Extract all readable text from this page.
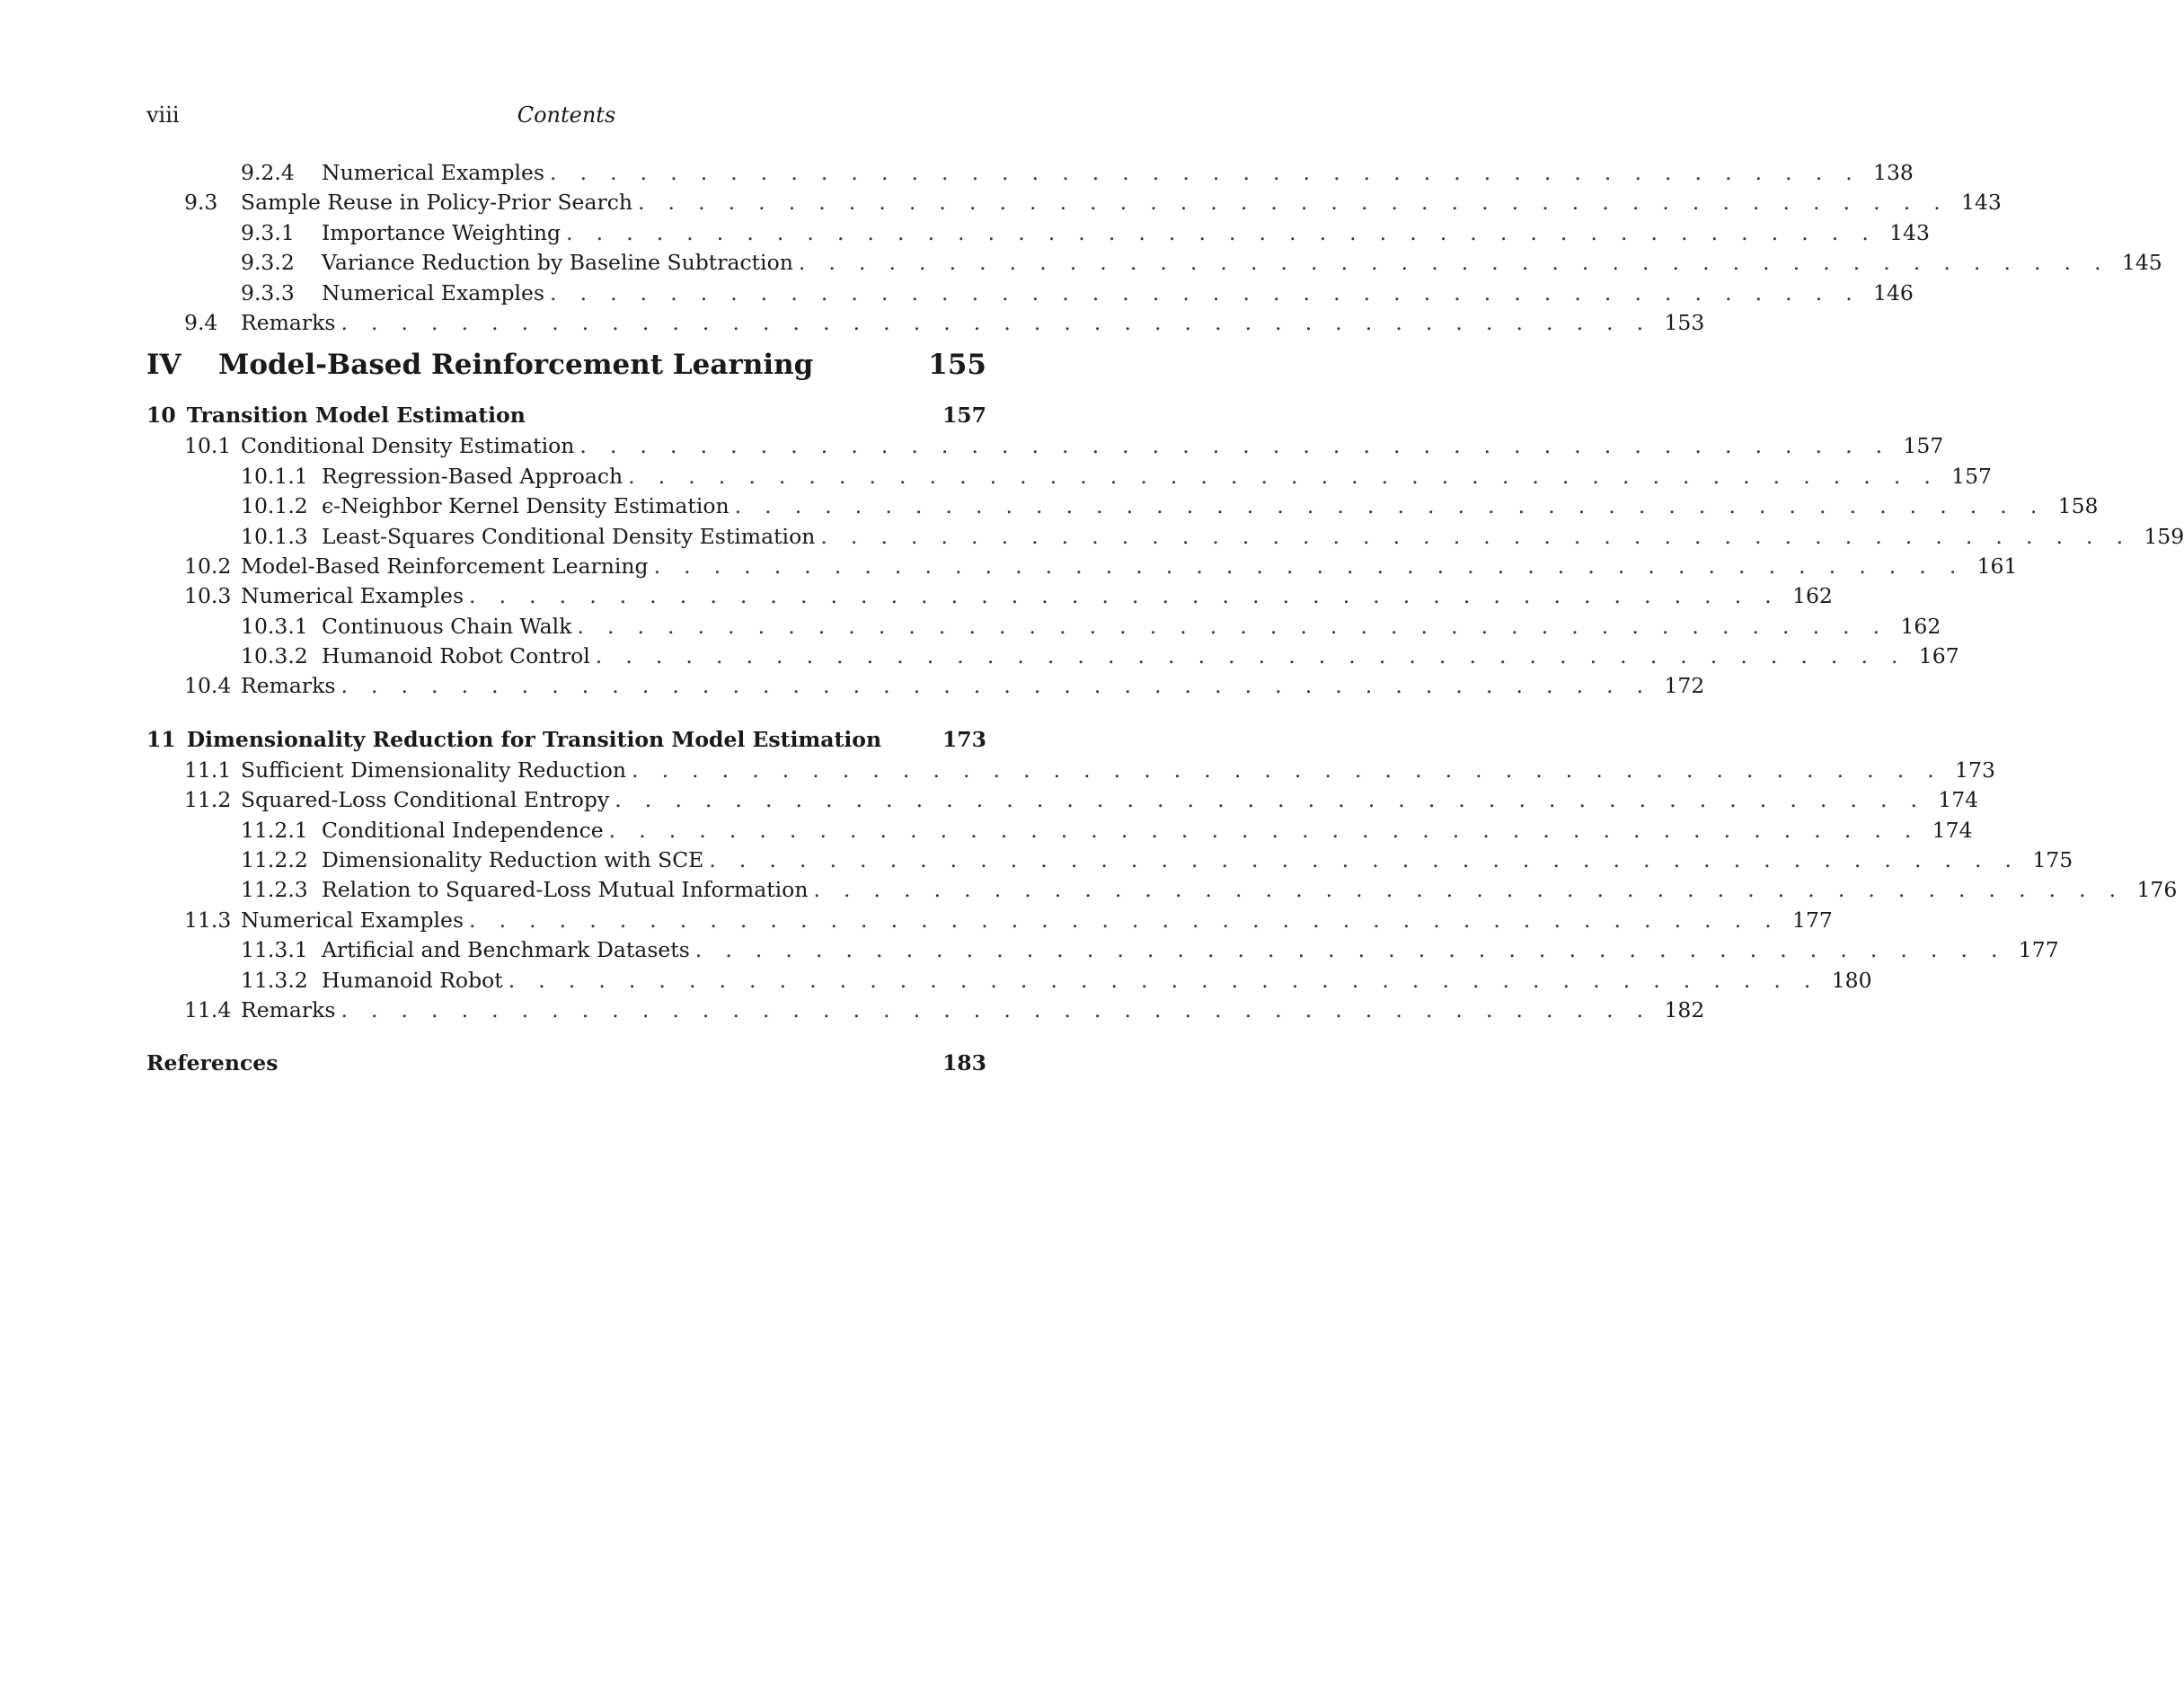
viii	Contents
9.2.4	Numerical Examples . . . . . . . . . . . . . . . . . . . . . . . . . . . . . . . . . . . . . . . . . . . . 138
9.3	Sample Reuse in Policy-Prior Search . . . . . . . . . . . . . . . . . . . . . . . . . . . . . . . . . . . . . . . . . . . . 143
9.3.1	Importance Weighting . . . . . . . . . . . . . . . . . . . . . . . . . . . . . . . . . . . . . . . . . . . . 143
9.3.2	Variance Reduction by Baseline Subtraction . . . . . . . . . . . . . . . . . . . . . . . . . . . . . . . . . . . . . . . . . . . . 145
9.3.3	Numerical Examples . . . . . . . . . . . . . . . . . . . . . . . . . . . . . . . . . . . . . . . . . . . . 146
9.4	Remarks . . . . . . . . . . . . . . . . . . . . . . . . . . . . . . . . . . . . . . . . . . . . 153
IV	Model-Based Reinforcement Learning	155
10 Transition Model Estimation	157
10.1 Conditional Density Estimation . . . . . . . . . . . . . . . . . . . . . . . . . . . . . . . . . . . . . . . . . . . . 157
10.1.1 Regression-Based Approach . . . . . . . . . . . . . . . . . . . . . . . . . . . . . . . . . . . . . . . . . . . . 157
10.1.2 ϵ-Neighbor Kernel Density Estimation . . . . . . . . . . . . . . . . . . . . . . . . . . . . . . . . . . . . . . . . . . . . 158
10.1.3 Least-Squares Conditional Density Estimation . . . . . . . . . . . . . . . . . . . . . . . . . . . . . . . . . . . . . . . . . . . . 159
10.2 Model-Based Reinforcement Learning . . . . . . . . . . . . . . . . . . . . . . . . . . . . . . . . . . . . . . . . . . . . 161
10.3 Numerical Examples . . . . . . . . . . . . . . . . . . . . . . . . . . . . . . . . . . . . . . . . . . . . 162
10.3.1 Continuous Chain Walk . . . . . . . . . . . . . . . . . . . . . . . . . . . . . . . . . . . . . . . . . . . . 162
10.3.2 Humanoid Robot Control . . . . . . . . . . . . . . . . . . . . . . . . . . . . . . . . . . . . . . . . . . . . 167
10.4 Remarks . . . . . . . . . . . . . . . . . . . . . . . . . . . . . . . . . . . . . . . . . . . . 172
11 Dimensionality Reduction for Transition Model Estimation	173
11.1 Sufficient Dimensionality Reduction . . . . . . . . . . . . . . . . . . . . . . . . . . . . . . . . . . . . . . . . . . . . 173
11.2 Squared-Loss Conditional Entropy . . . . . . . . . . . . . . . . . . . . . . . . . . . . . . . . . . . . . . . . . . . . 174
11.2.1 Conditional Independence . . . . . . . . . . . . . . . . . . . . . . . . . . . . . . . . . . . . . . . . . . . . 174
11.2.2 Dimensionality Reduction with SCE . . . . . . . . . . . . . . . . . . . . . . . . . . . . . . . . . . . . . . . . . . . . 175
11.2.3 Relation to Squared-Loss Mutual Information . . . . . . . . . . . . . . . . . . . . . . . . . . . . . . . . . . . . . . . . . . . . 176
11.3 Numerical Examples . . . . . . . . . . . . . . . . . . . . . . . . . . . . . . . . . . . . . . . . . . . . 177
11.3.1 Artificial and Benchmark Datasets . . . . . . . . . . . . . . . . . . . . . . . . . . . . . . . . . . . . . . . . . . . . 177
11.3.2 Humanoid Robot . . . . . . . . . . . . . . . . . . . . . . . . . . . . . . . . . . . . . . . . . . . . 180
11.4 Remarks . . . . . . . . . . . . . . . . . . . . . . . . . . . . . . . . . . . . . . . . . . . . 182
References	183
